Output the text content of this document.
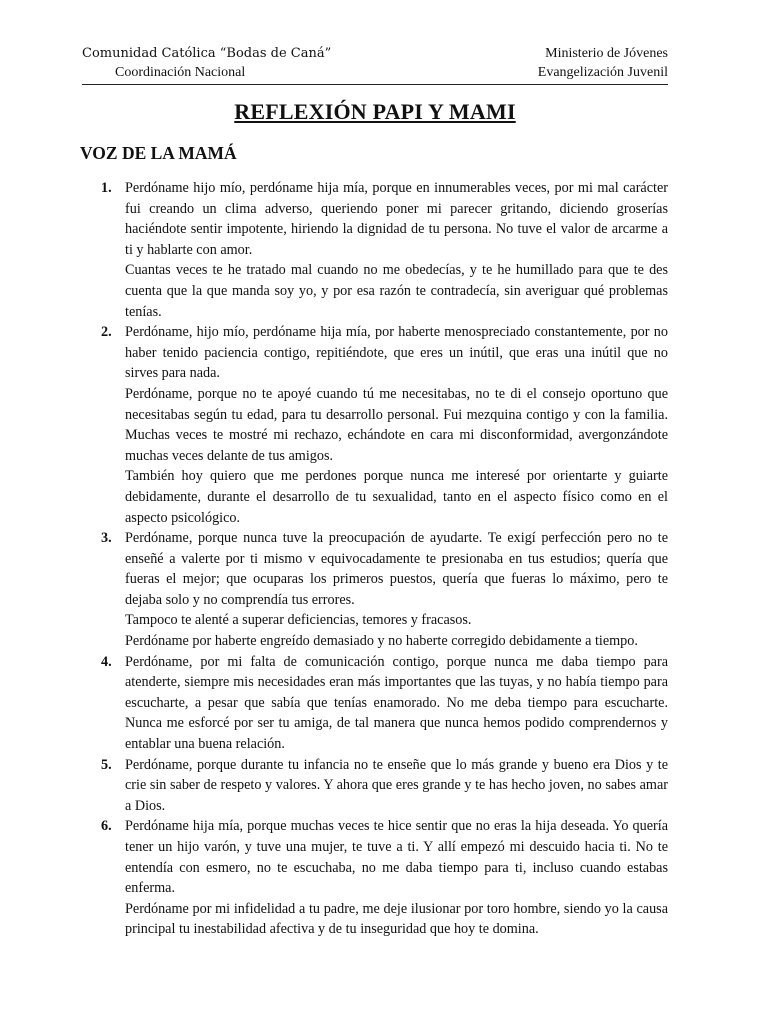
Comunidad Católica “Bodas de Caná”
Coordinación Nacional
Ministerio de Jóvenes
Evangelización Juvenil
REFLEXIÓN PAPI Y MAMI
VOZ DE LA MAMÁ
1. Perdóname hijo mío, perdóname hija mía, porque en innumerables veces, por mi mal carácter fui creando un clima adverso, queriendo poner mi parecer gritando, diciendo groserías haciéndote sentir impotente, hiriendo la dignidad de tu persona. No tuve el valor de arcarme a ti y hablarte con amor.
Cuantas veces te he tratado mal cuando no me obedecías, y te he humillado para que te des cuenta que la que manda soy yo, y por esa razón te contradecía, sin averiguar qué problemas tenías.
2. Perdóname, hijo mío, perdóname hija mía, por haberte menospreciado constantemente, por no haber tenido paciencia contigo, repitiéndote, que eres un inútil, que eras una inútil que no sirves para nada.
Perdóname, porque no te apoyé cuando tú me necesitabas, no te di el consejo oportuno que necesitabas según tu edad, para tu desarrollo personal. Fui mezquina contigo y con la familia. Muchas veces te mostré mi rechazo, echándote en cara mi disconformidad, avergonzándote muchas veces delante de tus amigos.
También hoy quiero que me perdones porque nunca me interesé por orientarte y guiarte debidamente, durante el desarrollo de tu sexualidad, tanto en el aspecto físico como en el aspecto psicológico.
3. Perdóname, porque nunca tuve la preocupación de ayudarte. Te exigí perfección pero no te enseñé a valerte por ti mismo v equivocadamente te presionaba en tus estudios; quería que fueras el mejor; que ocuparas los primeros puestos, quería que fueras lo máximo, pero te dejaba solo y no comprendía tus errores.
Tampoco te alenté a superar deficiencias, temores y fracasos.
Perdóname por haberte engreído demasiado y no haberte corregido debidamente a tiempo.
4. Perdóname, por mi falta de comunicación contigo, porque nunca me daba tiempo para atenderte, siempre mis necesidades eran más importantes que las tuyas, y no había tiempo para escucharte, a pesar que sabía que tenías enamorado. No me deba tiempo para escucharte. Nunca me esforcé por ser tu amiga, de tal manera que nunca hemos podido comprendernos y entablar una buena relación.
5. Perdóname, porque durante tu infancia no te enseñe que lo más grande y bueno era Dios y te crie sin saber de respeto y valores. Y ahora que eres grande y te has hecho joven, no sabes amar a Dios.
6. Perdóname hija mía, porque muchas veces te hice sentir que no eras la hija deseada. Yo quería tener un hijo varón, y tuve una mujer, te tuve a ti. Y allí empezó mi descuido hacia ti. No te entendía con esmero, no te escuchaba, no me daba tiempo para ti, incluso cuando estabas enferma.
Perdóname por mi infidelidad a tu padre, me deje ilusionar por toro hombre, siendo yo la causa principal tu inestabilidad afectiva y de tu inseguridad que hoy te domina.
